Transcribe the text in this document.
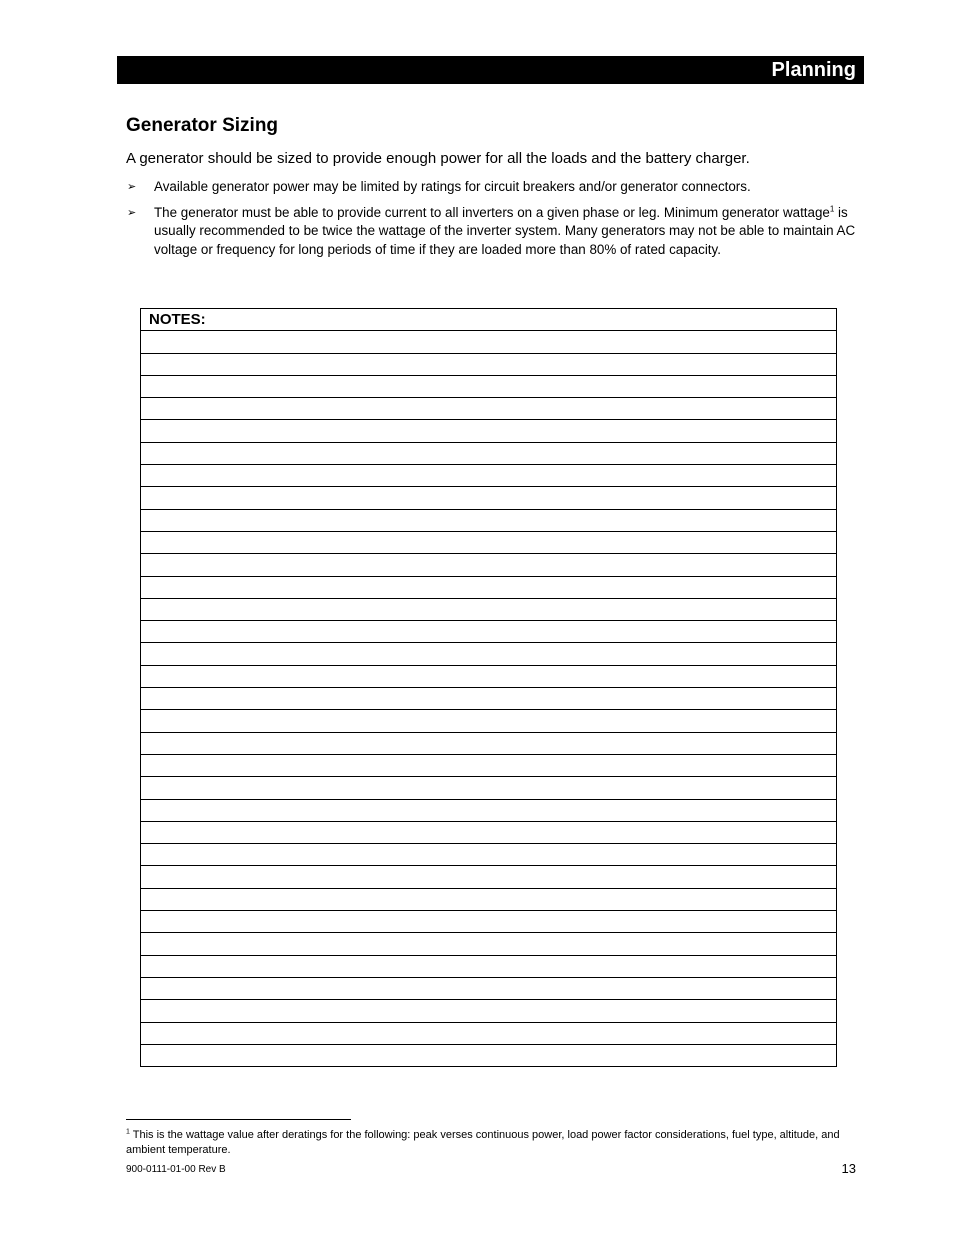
Planning
Generator Sizing
A generator should be sized to provide enough power for all the loads and the battery charger.
➢ Available generator power may be limited by ratings for circuit breakers and/or generator connectors.
➢ The generator must be able to provide current to all inverters on a given phase or leg. Minimum generator wattage$^1$ is usually recommended to be twice the wattage of the inverter system. Many generators may not be able to maintain AC voltage or frequency for long periods of time if they are loaded more than 80% of rated capacity.
NOTES:

$^1$ This is the wattage value after deratings for the following: peak verses continuous power, load power factor considerations, fuel type, altitude, and ambient temperature.
900-0111-01-00 Rev B	13
